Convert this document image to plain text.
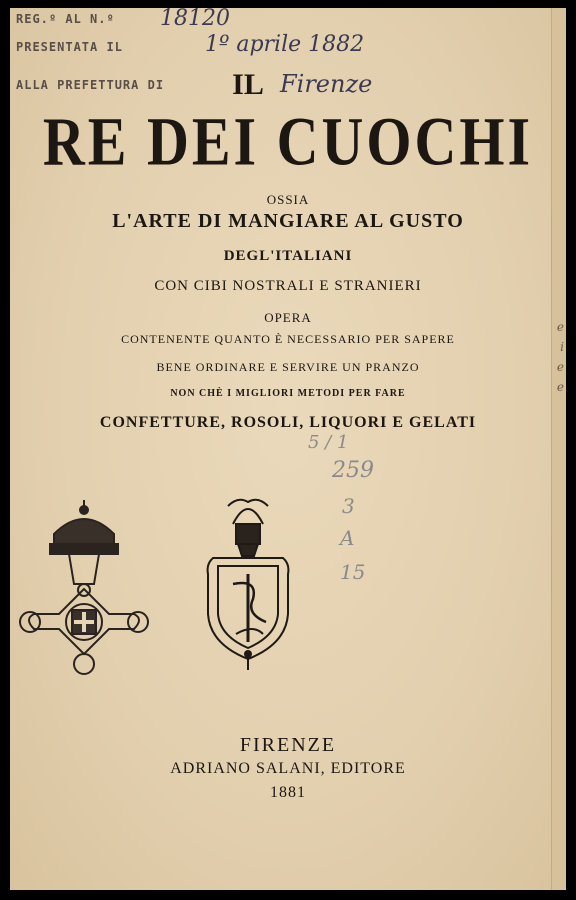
e
i
e
e
REG.º AL N.º 18120
PRESENTATA IL	1º aprile 1882
ALLA PREFETTURA DI	IL Firenze
RE DEI CUOCHI
OSSIA
L'ARTE DI MANGIARE AL GUSTO
DEGL'ITALIANI
CON CIBI NOSTRALI E STRANIERI
OPERA
CONTENENTE QUANTO È NECESSARIO PER SAPERE
BENE ORDINARE E SERVIRE UN PRANZO
NON CHÈ I MIGLIORI METODI PER FARE
CONFETTURE, ROSOLI, LIQUORI E GELATI
5 / 1
259
3
A
15
FIRENZE
ADRIANO SALANI, EDITORE
1881
